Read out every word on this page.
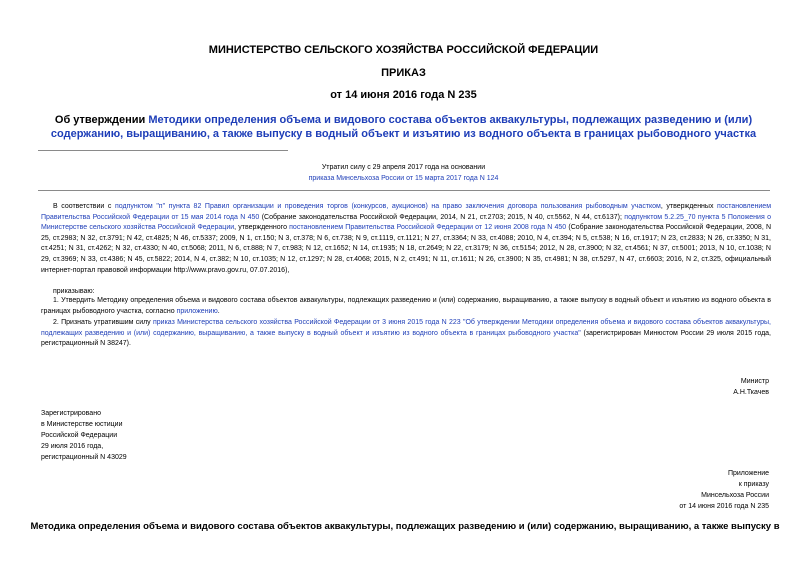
МИНИСТЕРСТВО СЕЛЬСКОГО ХОЗЯЙСТВА РОССИЙСКОЙ ФЕДЕРАЦИИ
ПРИКАЗ
от 14 июня 2016 года N 235
Об утверждении Методики определения объема и видового состава объектов аквакультуры, подлежащих разведению и (или) содержанию, выращиванию, а также выпуску в водный объект и изъятию из водного объекта в границах рыбоводного участка
Утратил силу с 29 апреля 2017 года на основании
приказа Минсельхоза России от 15 марта 2017 года N 124
В соответствии с подпунктом "п" пункта 82 Правил организации и проведения торгов (конкурсов, аукционов) на право заключения договора пользования рыбоводным участком, утвержденных постановлением Правительства Российской Федерации от 15 мая 2014 года N 450 (Собрание законодательства Российской Федерации, 2014, N 21, ст.2703; 2015, N 40, ст.5562, N 44, ст.6137); подпунктом 5.2.25_70 пункта 5 Положения о Министерстве сельского хозяйства Российской Федерации, утвержденного постановлением Правительства Российской Федерации от 12 июня 2008 года N 450 (Собрание законодательства Российской Федерации, 2008, N 25, ст.2983; N 32, ст.3791; N 42, ст.4825; N 46, ст.5337; 2009, N 1, ст.150; N 3, ст.378; N 6, ст.738; N 9, ст.1119, ст.1121; N 27, ст.3364; N 33, ст.4088; 2010, N 4, ст.394; N 5, ст.538; N 16, ст.1917; N 23, ст.2833; N 26, ст.3350; N 31, ст.4251; N 31, ст.4262; N 32, ст.4330; N 40, ст.5068; 2011, N 6, ст.888; N 7, ст.983; N 12, ст.1652; N 14, ст.1935; N 18, ст.2649; N 22, ст.3179; N 36, ст.5154; 2012, N 28, ст.3900; N 32, ст.4561; N 37, ст.5001; 2013, N 10, ст.1038; N 29, ст.3969; N 33, ст.4386; N 45, ст.5822; 2014, N 4, ст.382; N 10, ст.1035; N 12, ст.1297; N 28, ст.4068; 2015, N 2, ст.491; N 11, ст.1611; N 26, ст.3900; N 35, ст.4981; N 38, ст.5297, N 47, ст.6603; 2016, N 2, ст.325, официальный интернет-портал правовой информации http://www.pravo.gov.ru, 07.07.2016),
приказываю:
1. Утвердить Методику определения объема и видового состава объектов аквакультуры, подлежащих разведению и (или) содержанию, выращиванию, а также выпуску в водный объект и изъятию из водного объекта в границах рыбоводного участка, согласно приложению.
2. Признать утратившим силу приказ Министерства сельского хозяйства Российской Федерации от 3 июня 2015 года N 223 "Об утверждении Методики определения объема и видового состава объектов аквакультуры, подлежащих разведению и (или) содержанию, выращиванию, а также выпуску в водный объект и изъятию из водного объекта в границах рыбоводного участка" (зарегистрирован Минюстом России 29 июля 2015 года, регистрационный N 38247).
Министр
А.Н.Ткачев
Зарегистрировано
в Министерстве юстиции
Российской Федерации
29 июля 2016 года,
регистрационный N 43029
Приложение
к приказу
Минсельхоза России
от 14 июня 2016 года N 235
Методика определения объема и видового состава объектов аквакультуры, подлежащих разведению и (или) содержанию, выращиванию, а также выпуску в
